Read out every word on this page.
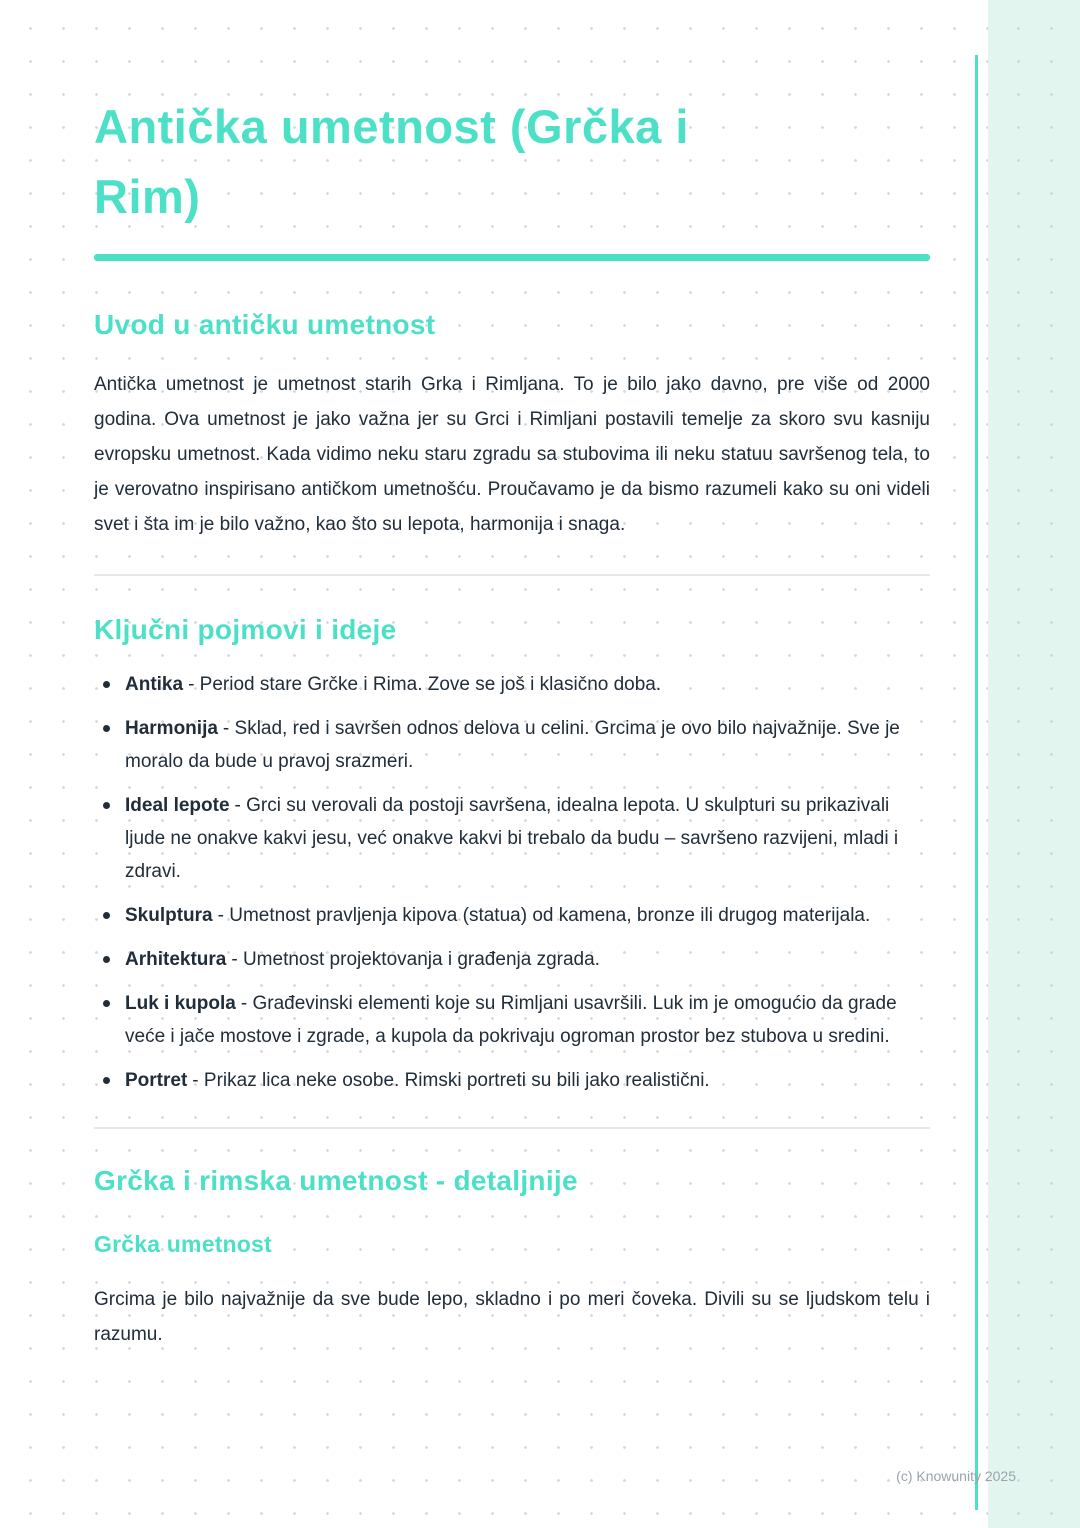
Antička umetnost (Grčka i
Rim)
Uvod u antičku umetnost

Antička umetnost je umetnost starih Grka i Rimljana. To je bilo jako davno, pre više od 2000 godina. Ova umetnost je jako važna jer su Grci i Rimljani postavili temelje za skoro svu kasniju evropsku umetnost. Kada vidimo neku staru zgradu sa stubovima ili neku statuu savršenog tela, to je verovatno inspirisano antičkom umetnošću. Proučavamo je da bismo razumeli kako su oni videli svet i šta im je bilo važno, kao što su lepota, harmonija i snaga.

Ključni pojmovi i ideje
Antika - Period stare Grčke i Rima. Zove se još i klasično doba.
Harmonija - Sklad, red i savršen odnos delova u celini. Grcima je ovo bilo najvažnije. Sve je moralo da bude u pravoj srazmeri.
Ideal lepote - Grci su verovali da postoji savršena, idealna lepota. U skulpturi su prikazivali ljude ne onakve kakvi jesu, već onakve kakvi bi trebalo da budu – savršeno razvijeni, mladi i zdravi.
Skulptura - Umetnost pravljenja kipova (statua) od kamena, bronze ili drugog materijala.
Arhitektura - Umetnost projektovanja i građenja zgrada.
Luk i kupola - Građevinski elementi koje su Rimljani usavršili. Luk im je omogućio da grade veće i jače mostove i zgrade, a kupola da pokrivaju ogroman prostor bez stubova u sredini.
Portret - Prikaz lica neke osobe. Rimski portreti su bili jako realistični.
Grčka i rimska umetnost - detaljnije
Grčka umetnost

Grcima je bilo najvažnije da sve bude lepo, skladno i po meri čoveka. Divili su se ljudskom telu i razumu.

(c) Knowunity 2025
